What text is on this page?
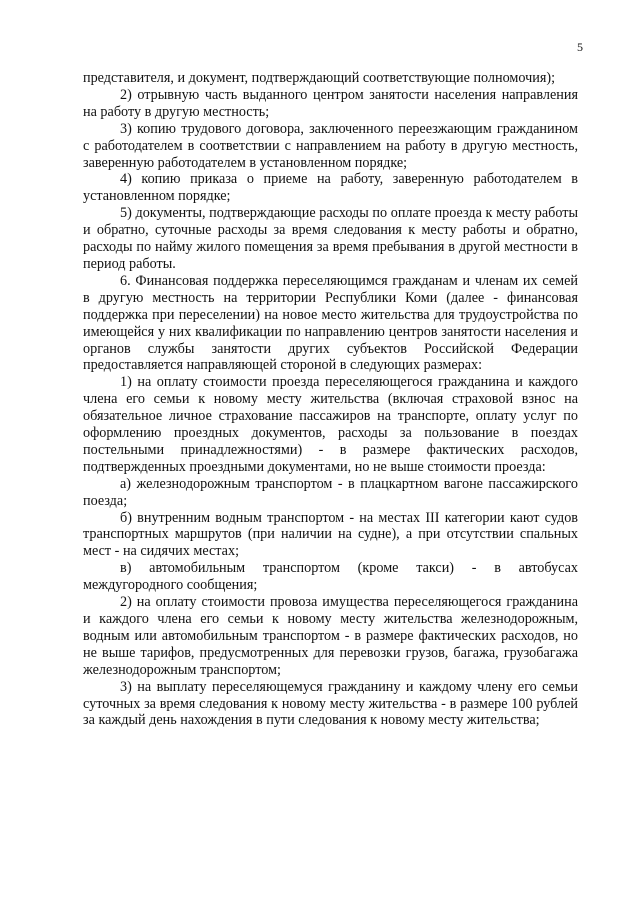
5

представителя, и документ, подтверждающий соответствующие полномочия);

2) отрывную часть выданного центром занятости населения направления на работу в другую местность;

3) копию трудового договора, заключенного переезжающим гражданином с работодателем в соответствии с направлением на работу в другую местность, заверенную работодателем в установленном порядке;

4) копию приказа о приеме на работу, заверенную работодателем в установленном порядке;

5) документы, подтверждающие расходы по оплате проезда к месту работы и обратно, суточные расходы за время следования к месту работы и обратно, расходы по найму жилого помещения за время пребывания в другой местности в период работы.

6. Финансовая поддержка переселяющимся гражданам и членам их семей в другую местность на территории Республики Коми (далее - финансовая поддержка при переселении) на новое место жительства для трудоустройства по имеющейся у них квалификации по направлению центров занятости населения и органов службы занятости других субъектов Российской Федерации предоставляется направляющей стороной в следующих размерах:

1) на оплату стоимости проезда переселяющегося гражданина и каждого члена его семьи к новому месту жительства (включая страховой взнос на обязательное личное страхование пассажиров на транспорте, оплату услуг по оформлению проездных документов, расходы за пользование в поездах постельными принадлежностями) - в размере фактических расходов, подтвержденных проездными документами, но не выше стоимости проезда:

а) железнодорожным транспортом - в плацкартном вагоне пассажирского поезда;

б) внутренним водным транспортом - на местах III категории кают судов транспортных маршрутов (при наличии на судне), а при отсутствии спальных мест - на сидячих местах;

в) автомобильным транспортом (кроме такси) - в автобусах междугородного сообщения;

2) на оплату стоимости провоза имущества переселяющегося гражданина и каждого члена его семьи к новому месту жительства железнодорожным, водным или автомобильным транспортом - в размере фактических расходов, но не выше тарифов, предусмотренных для перевозки грузов, багажа, грузобагажа железнодорожным транспортом;

3) на выплату переселяющемуся гражданину и каждому члену его семьи суточных за время следования к новому месту жительства - в размере 100 рублей за каждый день нахождения в пути следования к новому месту жительства;
